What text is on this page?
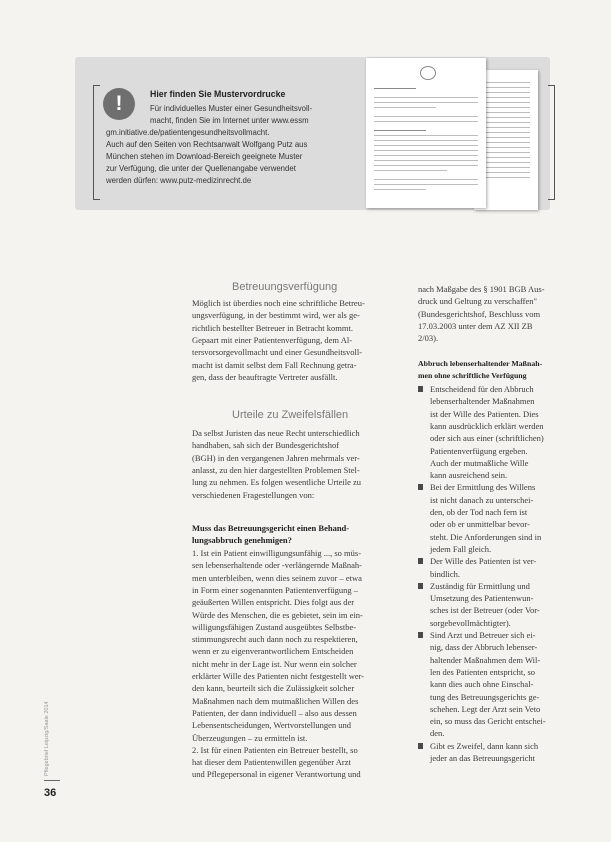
!	Hier finden Sie Mustervordrucke
Für individuelles Muster einer Gesundheitsvoll-
macht, finden Sie im Internet unter www.essm
gm.initiative.de/patientengesundheitsvollmacht.
Auch auf den Seiten von Rechtsanwalt Wolfgang Putz aus
München stehen im Download-Bereich geeignete Muster
zur Verfügung, die unter der Quellenangabe verwendet
werden dürfen: www.putz-medizinrecht.de
Betreuungsverfügung
Möglich ist überdies noch eine schriftliche Betreu-
ungsverfügung, in der bestimmt wird, wer als ge-
richtlich bestellter Betreuer in Betracht kommt.
Gepaart mit einer Patientenverfügung, dem Al-
tersvorsorgevollmacht und einer Gesundheitsvoll-
macht ist damit selbst dem Fall Rechnung getra-
gen, dass der beauftragte Vertreter ausfällt.
Urteile zu Zweifelsfällen
Da selbst Juristen das neue Recht unterschiedlich
handhaben, sah sich der Bundesgerichtshof
(BGH) in den vergangenen Jahren mehrmals ver-
anlasst, zu den hier dargestellten Problemen Stel-
lung zu nehmen. Es folgen wesentliche Urteile zu
verschiedenen Fragestellungen von:
Muss das Betreuungsgericht einen Behand-
lungsabbruch genehmigen?
1. Ist ein Patient einwilligungsunfähig ..., so müs-
sen lebenserhaltende oder -verlängernde Maßnah-
men unterbleiben, wenn dies seinem zuvor – etwa
in Form einer sogenannten Patientenverfügung –
geäußerten Willen entspricht. Dies folgt aus der
Würde des Menschen, die es gebietet, sein im ein-
willigungsfähigen Zustand ausgeübtes Selbstbe-
stimmungsrecht auch dann noch zu respektieren,
wenn er zu eigenverantwortlichem Entscheiden
nicht mehr in der Lage ist. Nur wenn ein solcher
erklärter Wille des Patienten nicht festgestellt wer-
den kann, beurteilt sich die Zulässigkeit solcher
Maßnahmen nach dem mutmaßlichen Willen des
Patienten, der dann individuell – also aus dessen
Lebensentscheidungen, Wertvorstellungen und
Überzeugungen – zu ermitteln ist.
2. Ist für einen Patienten ein Betreuer bestellt, so
hat dieser dem Patientenwillen gegenüber Arzt
und Pflegepersonal in eigener Verantwortung und
nach Maßgabe des § 1901 BGB Aus-
druck und Geltung zu verschaffen"
(Bundesgerichtshof, Beschluss vom
17.03.2003 unter dem AZ XII ZB
2/03).
Abbruch lebenserhaltender Maßnah-
men ohne schriftliche Verfügung
Entscheidend für den Abbruch
lebenserhaltender Maßnahmen
ist der Wille des Patienten. Dies
kann ausdrücklich erklärt werden
oder sich aus einer (schriftlichen)
Patientenverfügung ergeben.
Auch der mutmaßliche Wille
kann ausreichend sein.
Bei der Ermittlung des Willens
ist nicht danach zu unterschei-
den, ob der Tod nach fern ist
oder ob er unmittelbar bevor-
steht. Die Anforderungen sind in
jedem Fall gleich.
Der Wille des Patienten ist ver-
bindlich.
Zuständig für Ermittlung und
Umsetzung des Patientenwun-
sches ist der Betreuer (oder Vor-
sorgebevollmächtigter).
Sind Arzt und Betreuer sich ei-
nig, dass der Abbruch lebenser-
haltender Maßnahmen dem Wil-
len des Patienten entspricht, so
kann dies auch ohne Einschal-
tung des Betreuungsgerichts ge-
schehen. Legt der Arzt sein Veto
ein, so muss das Gericht entschei-
den.
Gibt es Zweifel, dann kann sich
jeder an das Betreuungsgericht
Pflegebrief Leipzig/Saale 2014
36
